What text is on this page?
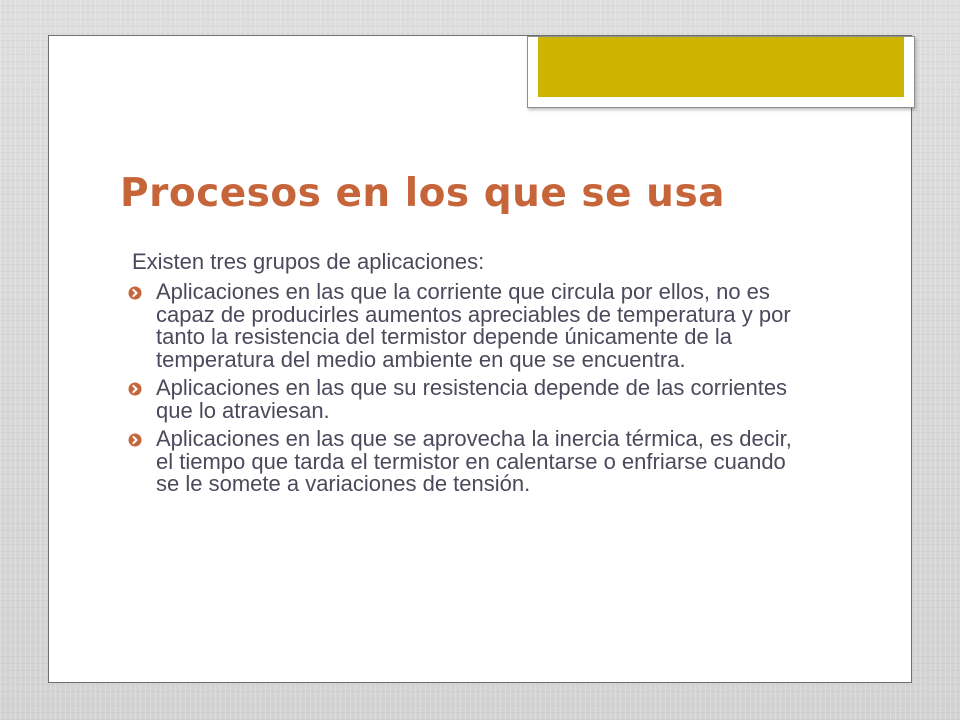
Procesos en los que se usa

Existen tres grupos de aplicaciones:

Aplicaciones en las que la corriente que circula por ellos, no es capaz de producirles aumentos apreciables de temperatura y por tanto la resistencia del termistor depende únicamente de la temperatura del medio ambiente en que se encuentra.
Aplicaciones en las que su resistencia depende de las corrientes que lo atraviesan.
Aplicaciones en las que se aprovecha la inercia térmica, es decir, el tiempo que tarda el termistor en calentarse o enfriarse cuando se le somete a variaciones de tensión.
